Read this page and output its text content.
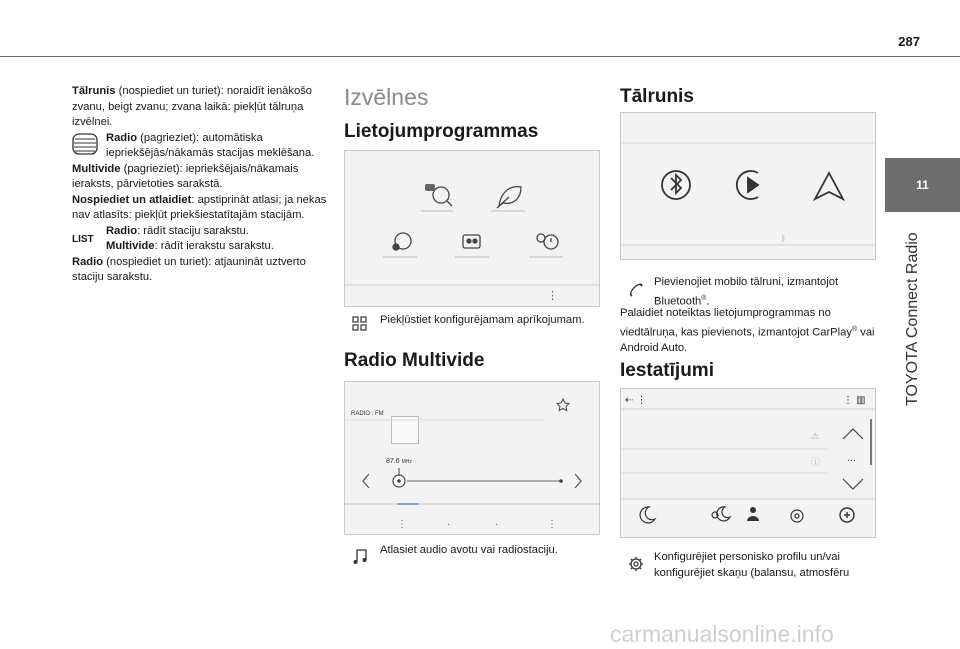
287
11
TOYOTA Connect Radio

Tālrunis (nospiediet un turiet): noraidīt ienākošo zvanu, beigt zvanu; zvana laikā: piekļūt tālruņa izvēlnei.

Radio (pagrieziet): automātiska iepriekšējās/nākamās stacijas meklēšana.

Multivide (pagrieziet): iepriekšējais/nākamais ieraksts, pārvietoties sarakstā.

Nospiediet un atlaidiet: apstiprināt atlasi; ja nekas nav atlasīts: piekļūt priekšiestatītajām stacijām.

LIST
Radio: rādīt staciju sarakstu.
Multivide: rādīt ierakstu sarakstu.

Radio (nospiediet un turiet): atjaunināt uztverto staciju sarakstu.

Izvēlnes
Lietojumprogrammas
⋮
Piekļūstiet konfigurējamam aprīkojumam.
Radio Multivide
RADIO : FM
87.6 MHz
⋮	·	·	⋮
Atlasiet audio avotu vai radiostaciju.
Tālrunis
ᛒ
Pievienojiet mobilo tālruni, izmantojot Bluetooth®.
Palaidiet noteiktas lietojumprogrammas no viedtālruņa, kas pievienots, izmantojot CarPlay® vai Android Auto.
Iestatījumi
⇠ ⋮	⋮ ▥
⚠
ⓘ	…
Konfigurējiet personisko profilu un/vai konfigurējiet skaņu (balansu, atmosfēru
carmanualsonline.info
